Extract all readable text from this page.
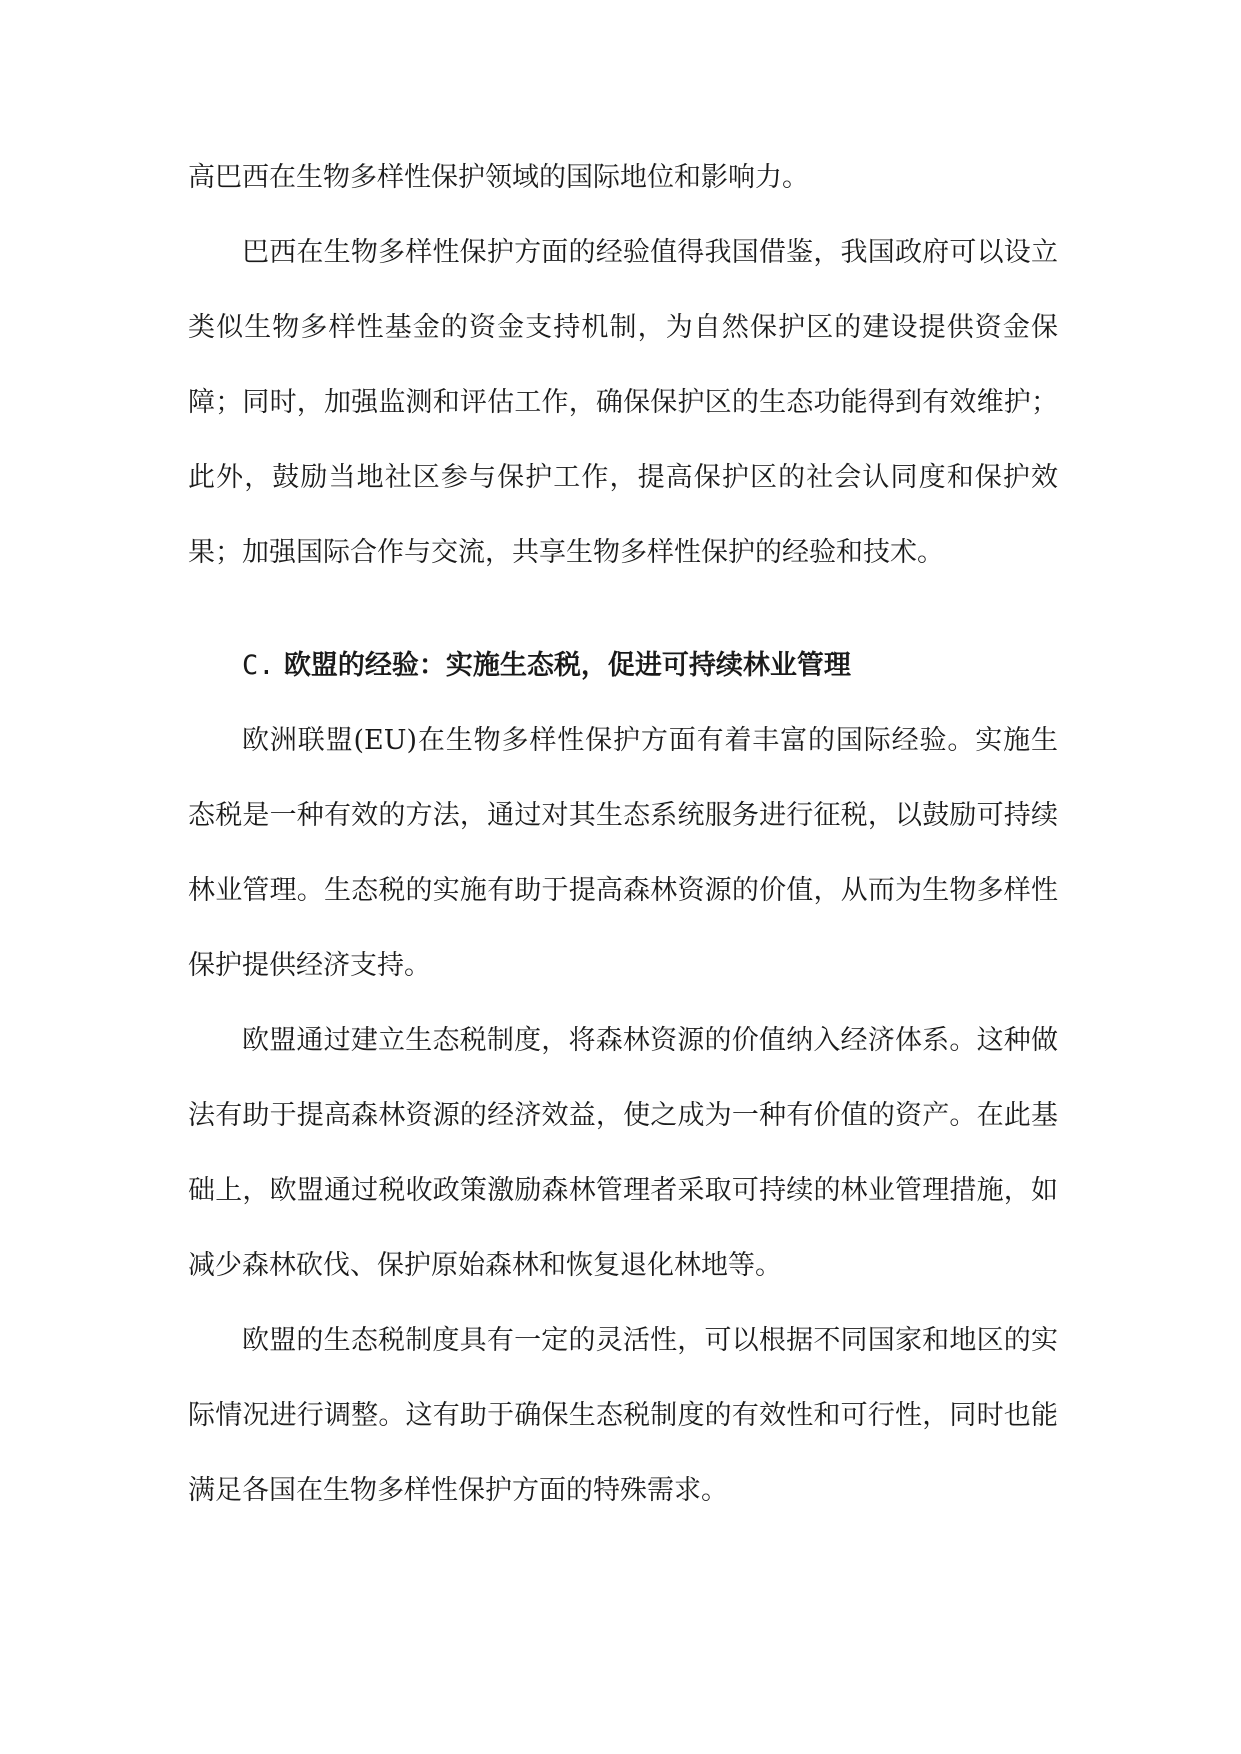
高巴西在生物多样性保护领域的国际地位和影响力。

巴西在生物多样性保护方面的经验值得我国借鉴，我国政府可以设立类似生物多样性基金的资金支持机制，为自然保护区的建设提供资金保障；同时，加强监测和评估工作，确保保护区的生态功能得到有效维护；此外，鼓励当地社区参与保护工作，提高保护区的社会认同度和保护效果；加强国际合作与交流，共享生物多样性保护的经验和技术。

C. 欧盟的经验：实施生态税，促进可持续林业管理

欧洲联盟(EU)在生物多样性保护方面有着丰富的国际经验。实施生态税是一种有效的方法，通过对其生态系统服务进行征税，以鼓励可持续林业管理。生态税的实施有助于提高森林资源的价值，从而为生物多样性保护提供经济支持。

欧盟通过建立生态税制度，将森林资源的价值纳入经济体系。这种做法有助于提高森林资源的经济效益，使之成为一种有价值的资产。在此基础上，欧盟通过税收政策激励森林管理者采取可持续的林业管理措施，如减少森林砍伐、保护原始森林和恢复退化林地等。

欧盟的生态税制度具有一定的灵活性，可以根据不同国家和地区的实际情况进行调整。这有助于确保生态税制度的有效性和可行性，同时也能满足各国在生物多样性保护方面的特殊需求。
